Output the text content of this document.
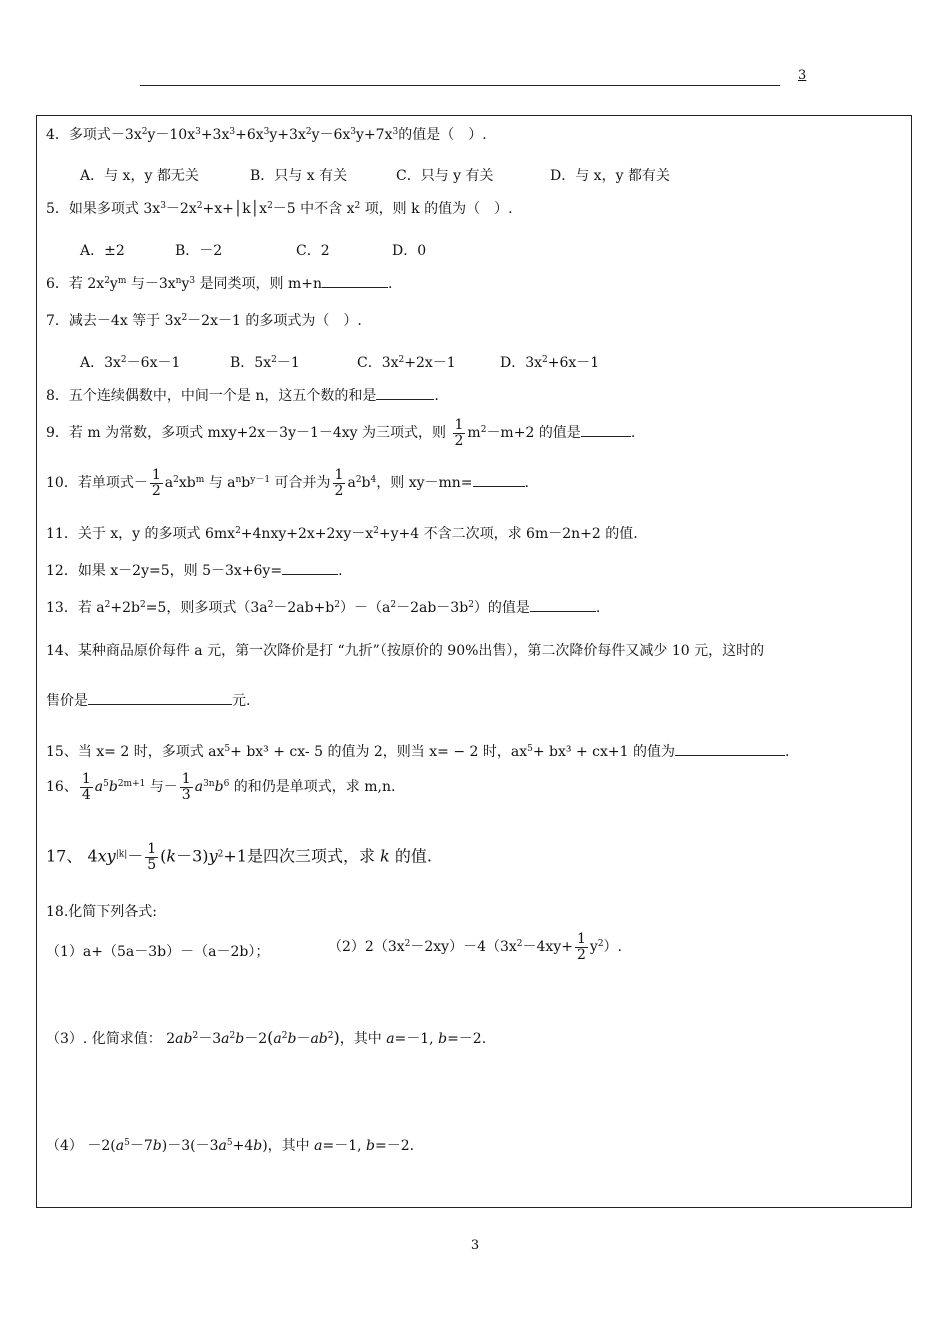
3
4．多项式$-3x^2y-10x^3+3x^3+6x^3y+3x^2y-6x^3y+7x^3$的值是（　）.
A．与 x，y 都无关	B．只与 x 有关	C．只与 y 有关	D．与 x，y 都有关
5．如果多项式 $3x^3-2x^2+x+│k│x^2-5$ 中不含 $x^2$ 项，则 k 的值为（　）.
A．±2	B．－2	C．2	D．0
6．若 $2x^2y^m$ 与$-3x^ny^3$ 是同类项，则 m+n	.
7．减去－4x 等于 $3x^2-2x-1$ 的多项式为（　）.
A．$3x^2-6x-1$	B．$5x^2-1$	C．$3x^2+2x-1$	D．$3x^2+6x-1$
8．五个连续偶数中，中间一个是 n，这五个数的和是	.
9．若 m 为常数，多项式 mxy+2x－3y－1－4xy 为三项式，则 $\frac{1}{2} m^2-m+2$ 的值是	.
10．若单项式－ $\frac{1}{2} a^2xb^m$ 与 $a^nb^{y-1}$ 可合并为 $\frac{1}{2} a^2b^4$，则 xy－mn=	.
11．关于 x，y 的多项式 $6mx^2+4nxy+2x+2xy-x^2+y+4$ 不含二次项，求 6m－2n+2 的值.
12．如果 x－2y=5，则 5－3x+6y=	.
13．若 $a^2+2b^2=5$，则多项式$(3a^2-2ab+b^2)-(a^2-2ab-3b^2)$的值是	.
14、某种商品原价每件 a 元，第一次降价是打 “九折”（按原价的 90%出售），第二次降价每件又减少 10 元，这时的
售价是	元.
15、当 x= 2 时，多项式 $ax^5+ bx^3 + cx-$ 5 的值为 2，则当 x= − 2 时，$ax^5+ bx^3 + cx+1$ 的值为	.
16、 $\frac{1}{4} a^5b^{2m+1}$ 与－ $\frac{1}{3} a^{3n}b^6$ 的和仍是单项式，求 m,n.
17、 $4xy^{|k|}- \frac{1}{5} (k-3)y^2+1$是四次三项式，求 k 的值.
18.化简下列各式:
（1）a+（5a－3b）－（a－2b）；	$(2)2(3x^2-2xy)-4(3x^2-4xy+ \frac{1}{2} y^2)$.
（3）. 化简求值： $2ab^2-3a^2b-2(a^2b-ab^2)$，其中 a=－1, b=－2.
$(4) -2(a^5-7b)-3(-3a^5+4b)$，其中 a=－1, b=－2.
3
